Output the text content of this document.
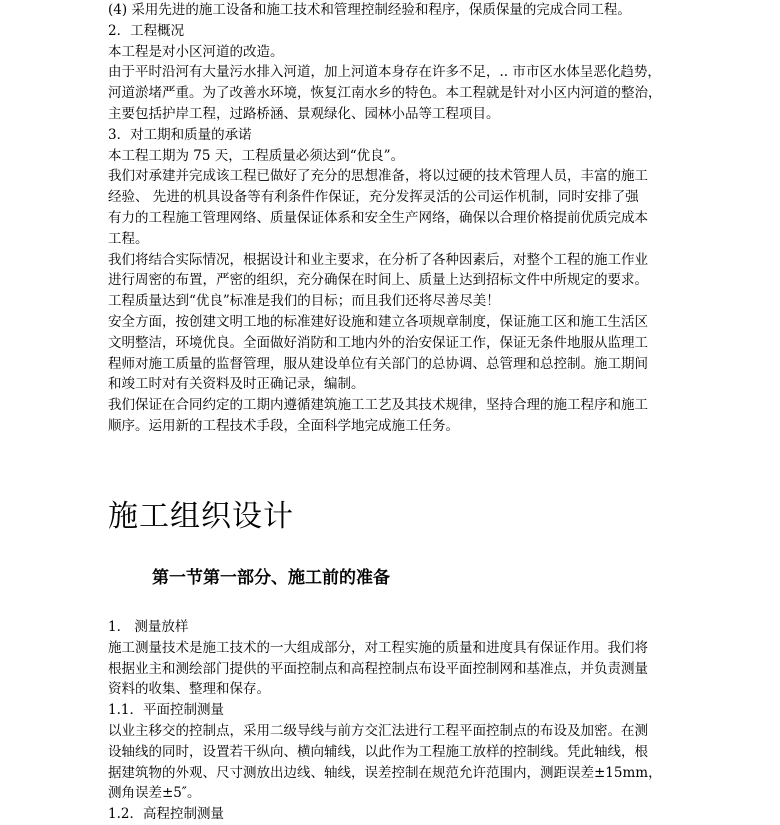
(4) 采用先进的施工设备和施工技术和管理控制经验和程序，保质保量的完成合同工程。
2．工程概况
本工程是对小区河道的改造。
由于平时沿河有大量污水排入河道，加上河道本身存在许多不足，.. 市市区水体呈恶化趋势，
河道淤堵严重。为了改善水环境，恢复江南水乡的特色。本工程就是针对小区内河道的整治，
主要包括护岸工程，过路桥涵、景观绿化、园林小品等工程项目。
3．对工期和质量的承诺
本工程工期为 75 天，工程质量必须达到“优良”。
我们对承建并完成该工程已做好了充分的思想准备，将以过硬的技术管理人员，丰富的施工
经验、 先进的机具设备等有利条件作保证，充分发挥灵活的公司运作机制，同时安排了强
有力的工程施工管理网络、质量保证体系和安全生产网络，确保以合理价格提前优质完成本
工程。
我们将结合实际情况，根据设计和业主要求，在分析了各种因素后，对整个工程的施工作业
进行周密的布置，严密的组织，充分确保在时间上、质量上达到招标文件中所规定的要求。
工程质量达到“优良”标准是我们的目标；而且我们还将尽善尽美！
安全方面，按创建文明工地的标准建好设施和建立各项规章制度，保证施工区和施工生活区
文明整洁，环境优良。全面做好消防和工地内外的治安保证工作，保证无条件地服从监理工
程师对施工质量的监督管理，服从建设单位有关部门的总协调、总管理和总控制。施工期间
和竣工时对有关资料及时正确记录，编制。
我们保证在合同约定的工期内遵循建筑施工工艺及其技术规律，坚持合理的施工程序和施工
顺序。运用新的工程技术手段，全面科学地完成施工任务。
施工组织设计
第一节第一部分、施工前的准备
1． 测量放样
施工测量技术是施工技术的一大组成部分，对工程实施的质量和进度具有保证作用。我们将
根据业主和测绘部门提供的平面控制点和高程控制点布设平面控制网和基准点，并负责测量
资料的收集、整理和保存。
1.1．平面控制测量
以业主移交的控制点，采用二级导线与前方交汇法进行工程平面控制点的布设及加密。在测
设轴线的同时，设置若干纵向、横向辅线，以此作为工程施工放样的控制线。凭此轴线，根
据建筑物的外观、尺寸测放出边线、轴线，误差控制在规范允许范围内，测距误差±15mm，
测角误差±5″。
1.2．高程控制测量
